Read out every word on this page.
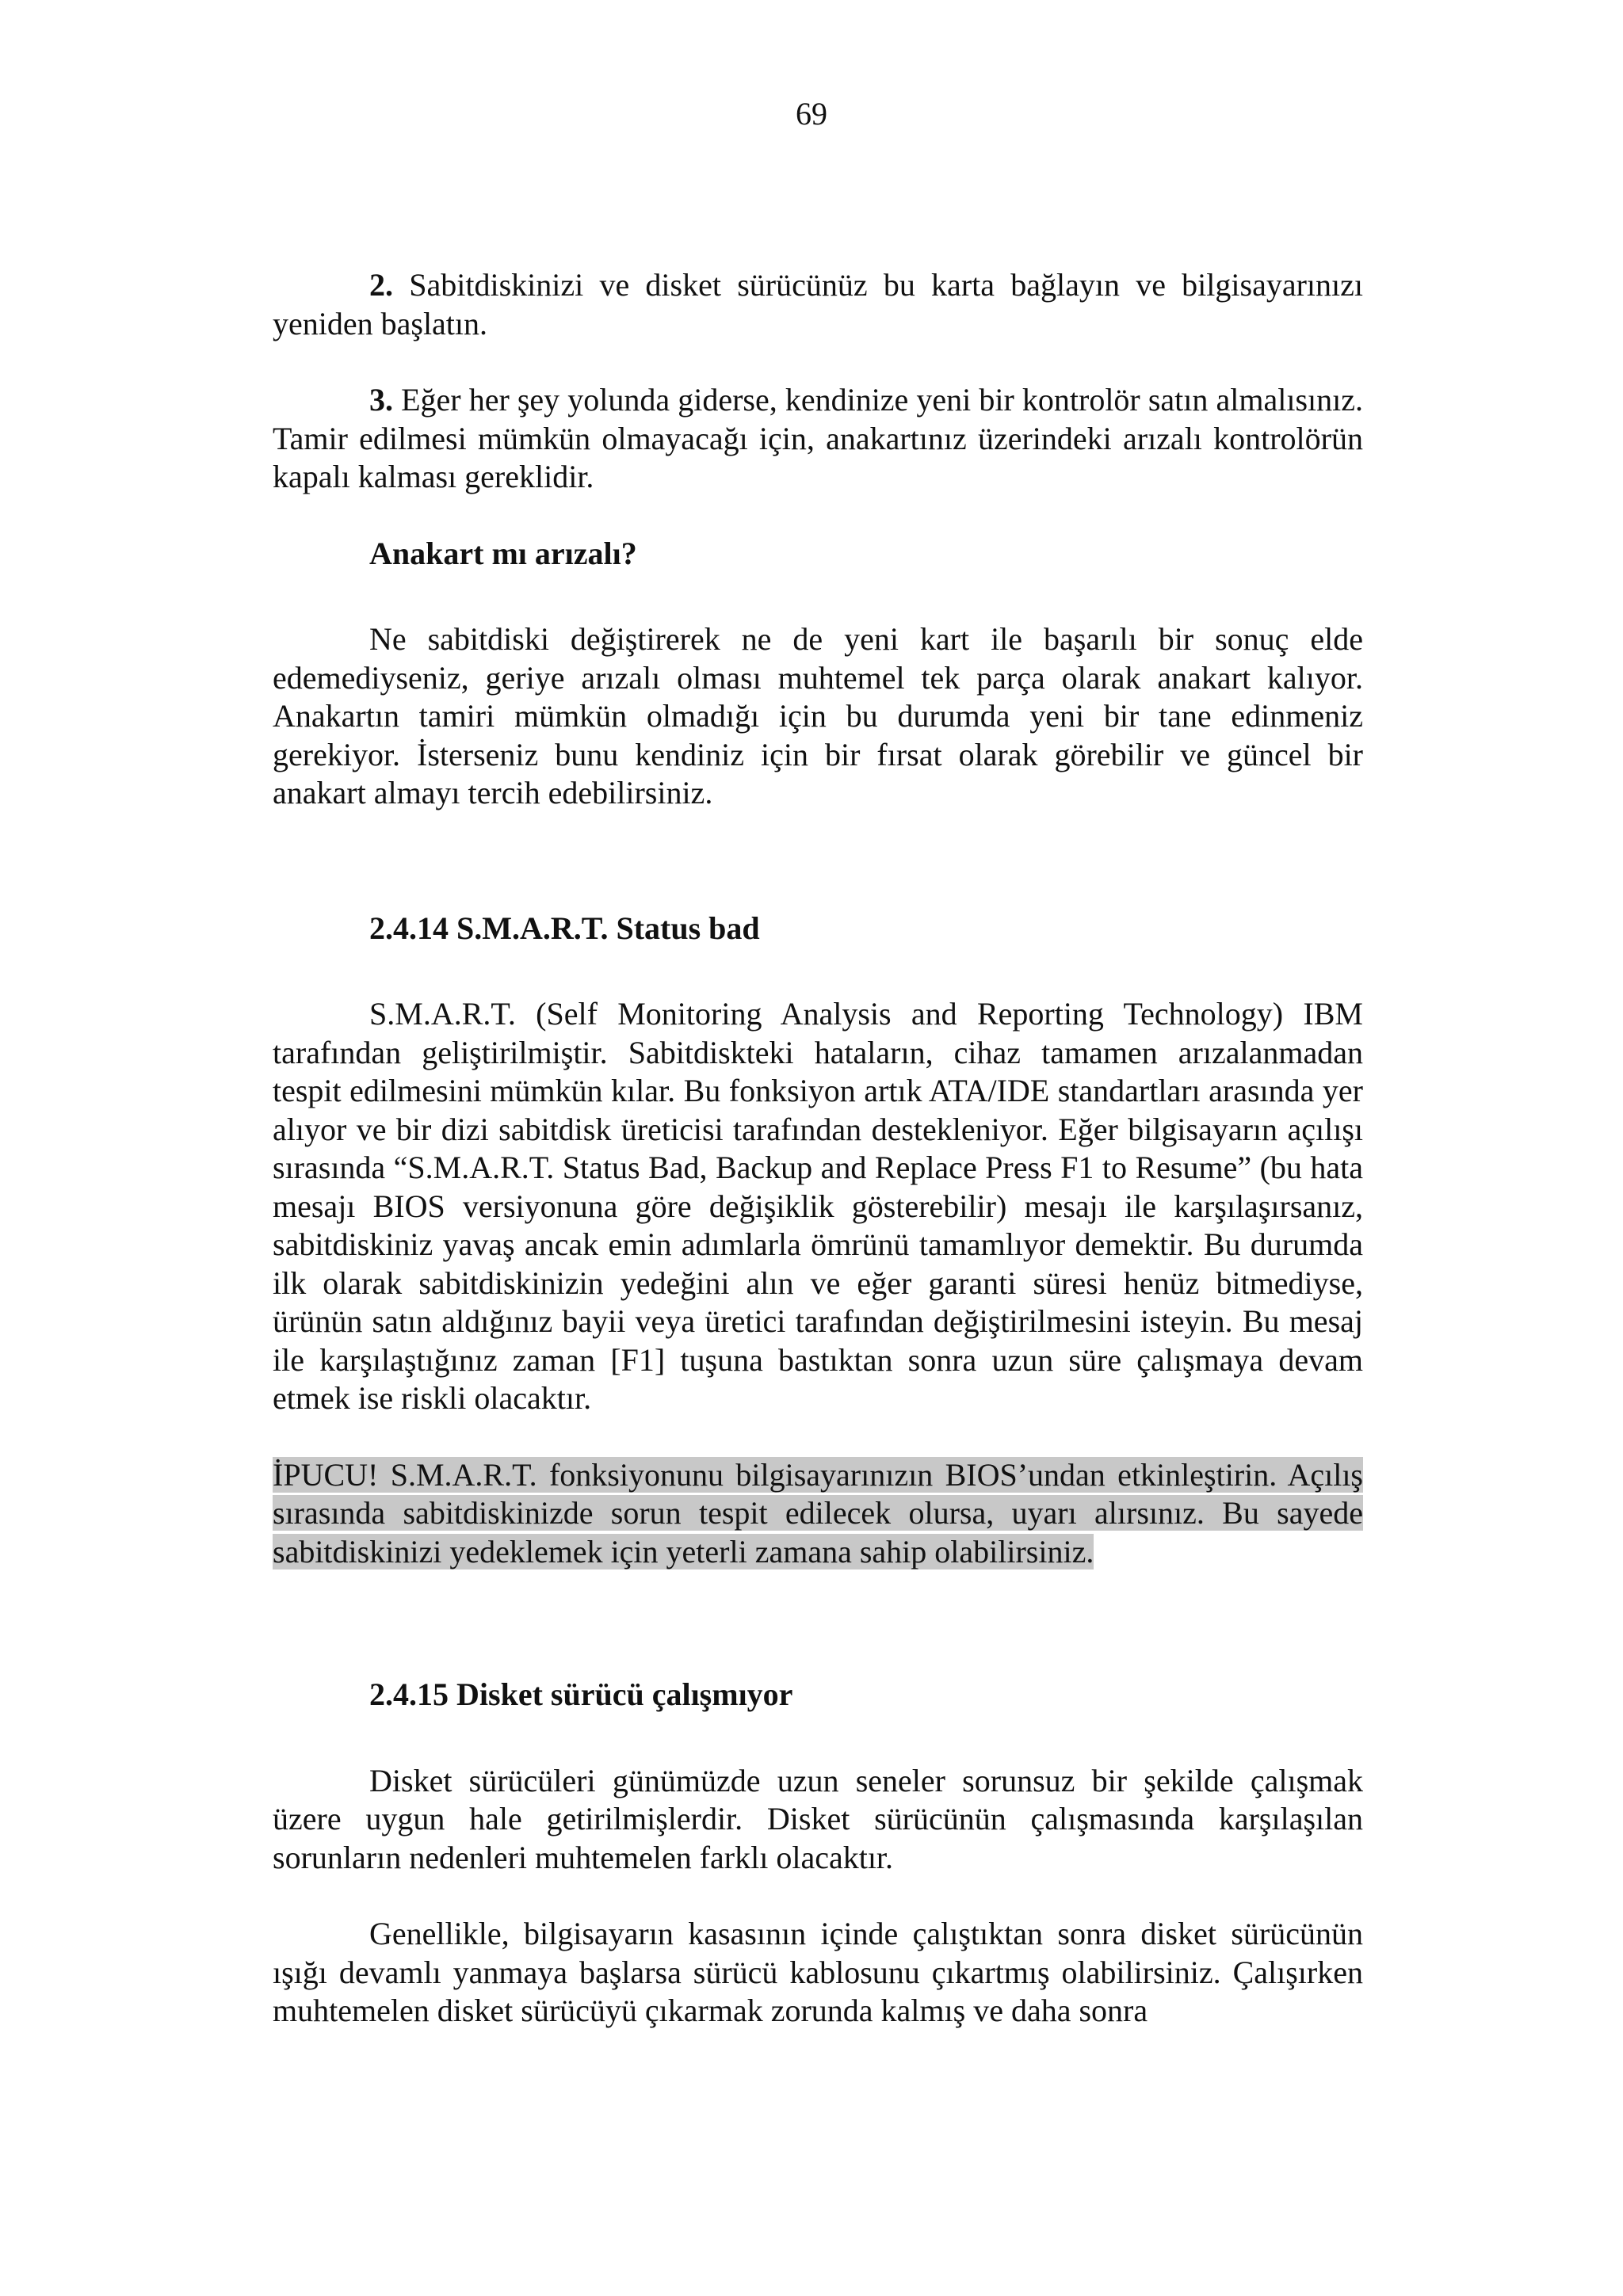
69

2. Sabitdiskinizi ve disket sürücünüz bu karta bağlayın ve bilgisayarınızı yeniden başlatın.

3. Eğer her şey yolunda giderse, kendinize yeni bir kontrolör satın almalısınız. Tamir edilmesi mümkün olmayacağı için, anakartınız üzerindeki arızalı kontrolörün kapalı kalması gereklidir.

Anakart mı arızalı?

Ne sabitdiski değiştirerek ne de yeni kart ile başarılı bir sonuç elde edemediyseniz, geriye arızalı olması muhtemel tek parça olarak anakart kalıyor. Anakartın tamiri mümkün olmadığı için bu durumda yeni bir tane edinmeniz gerekiyor. İsterseniz bunu kendiniz için bir fırsat olarak görebilir ve güncel bir anakart almayı tercih edebilirsiniz.

2.4.14 S.M.A.R.T. Status bad

S.M.A.R.T. (Self Monitoring Analysis and Reporting Technology) IBM tarafından geliştirilmiştir. Sabitdiskteki hataların, cihaz tamamen arızalanmadan tespit edilmesini mümkün kılar. Bu fonksiyon artık ATA/IDE standartları arasında yer alıyor ve bir dizi sabitdisk üreticisi tarafından destekleniyor. Eğer bilgisayarın açılışı sırasında “S.M.A.R.T. Status Bad, Backup and Replace Press F1 to Resume” (bu hata mesajı BIOS versiyonuna göre değişiklik gösterebilir) mesajı ile karşılaşırsanız, sabitdiskiniz yavaş ancak emin adımlarla ömrünü tamamlıyor demektir. Bu durumda ilk olarak sabitdiskinizin yedeğini alın ve eğer garanti süresi henüz bitmediyse, ürünün satın aldığınız bayii veya üretici tarafından değiştirilmesini isteyin. Bu mesaj ile karşılaştığınız zaman [F1] tuşuna bastıktan sonra uzun süre çalışmaya devam etmek ise riskli olacaktır.

İPUCU! S.M.A.R.T. fonksiyonunu bilgisayarınızın BIOS’undan etkinleştirin. Açılış sırasında sabitdiskinizde sorun tespit edilecek olursa, uyarı alırsınız. Bu sayede sabitdiskinizi yedeklemek için yeterli zamana sahip olabilirsiniz.

2.4.15 Disket sürücü çalışmıyor

Disket sürücüleri günümüzde uzun seneler sorunsuz bir şekilde çalışmak üzere uygun hale getirilmişlerdir. Disket sürücünün çalışmasında karşılaşılan sorunların nedenleri muhtemelen farklı olacaktır.

Genellikle, bilgisayarın kasasının içinde çalıştıktan sonra disket sürücünün ışığı devamlı yanmaya başlarsa sürücü kablosunu çıkartmış olabilirsiniz. Çalışırken muhtemelen disket sürücüyü çıkarmak zorunda kalmış ve daha sonra
